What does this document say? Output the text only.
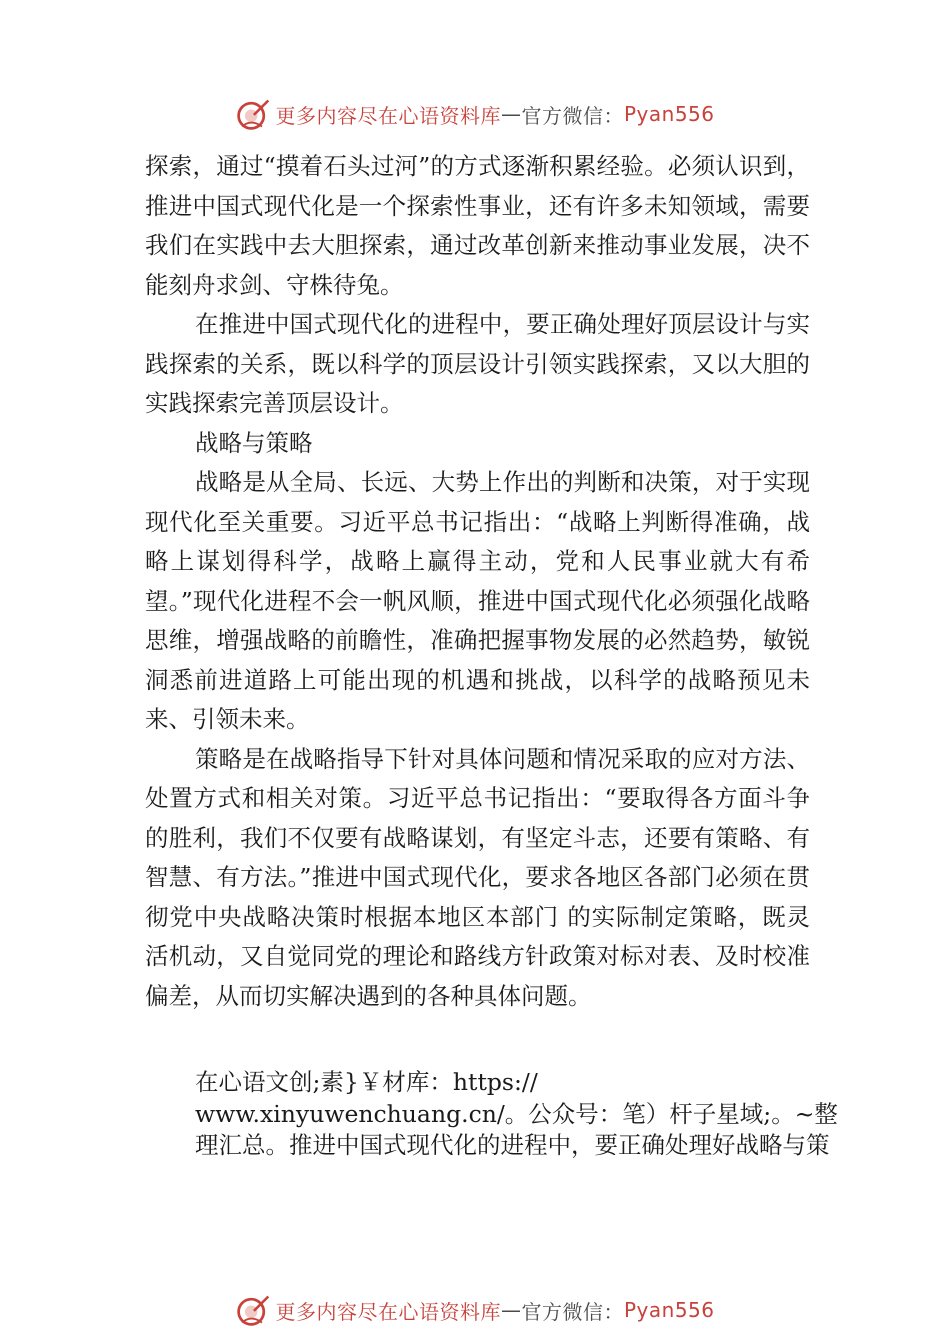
更多内容尽在心语资料库 — 官方微信： Pyan556

探索，通过“摸着石头过河”的方式逐渐积累经验。必须认识到，推进中国式现代化是一个探索性事业，还有许多未知领域，需要我们在实践中去大胆探索，通过改革创新来推动事业发展，决不能刻舟求剑、守株待兔。

在推进中国式现代化的进程中，要正确处理好顶层设计与实践探索的关系，既以科学的顶层设计引领实践探索，又以大胆的实践探索完善顶层设计。

战略与策略

战略是从全局、长远、大势上作出的判断和决策，对于实现现代化至关重要。习近平总书记指出：“战略上判断得准确，战略上谋划得科学，战略上赢得主动，党和人民事业就大有希望。”现代化进程不会一帆风顺，推进中国式现代化必须强化战略思维，增强战略的前瞻性，准确把握事物发展的必然趋势，敏锐洞悉前进道路上可能出现的机遇和挑战，以科学的战略预见未来、引领未来。

策略是在战略指导下针对具体问题和情况采取的应对方法、处置方式和相关对策。习近平总书记指出：“要取得各方面斗争的胜利，我们不仅要有战略谋划，有坚定斗志，还要有策略、有智慧、有方法。”推进中国式现代化，要求各地区各部门必须在贯彻党中央战略决策时根据本地区本部门 的实际制定策略，既灵活机动，又自觉同党的理论和路线方针政策对标对表、及时校准偏差，从而切实解决遇到的各种具体问题。

在心语文创;素}￥材库：https://
www.xinyuwenchuang.cn/。公众号：笔）杆子星域;。~整理汇总。推进中国式现代化的进程中，要正确处理好战略与策
更多内容尽在心语资料库 — 官方微信： Pyan556
